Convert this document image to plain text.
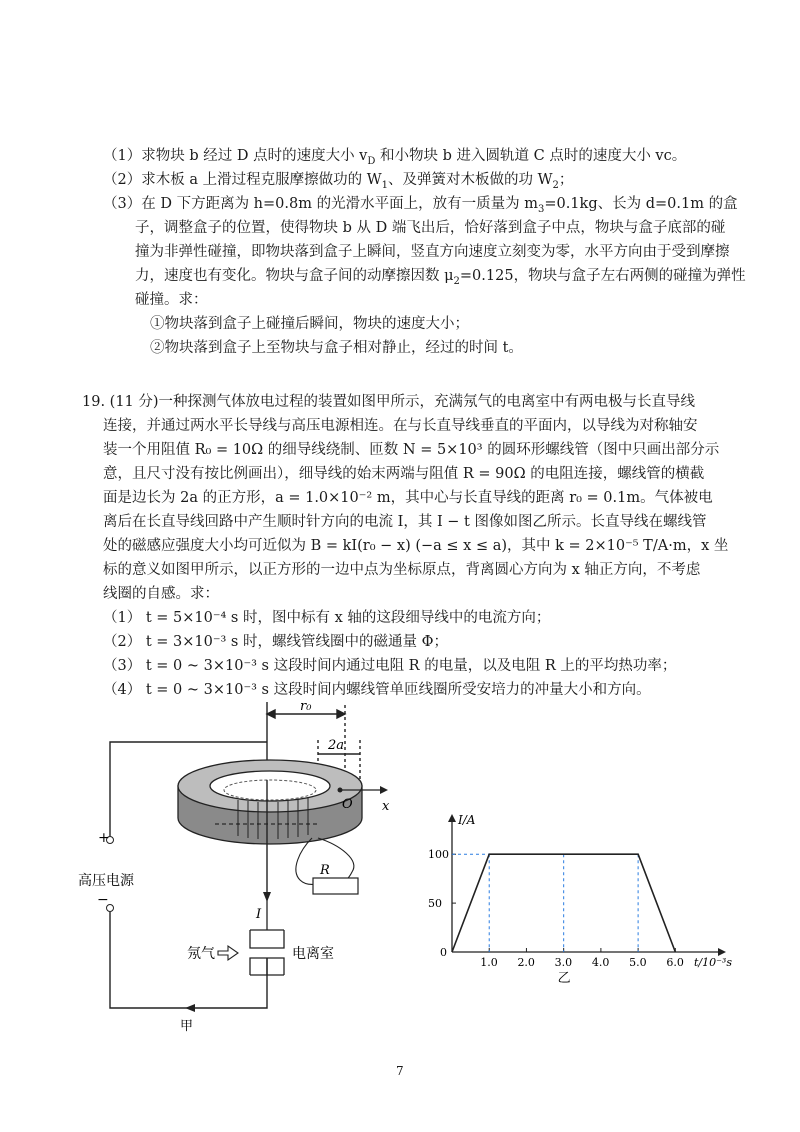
（1）求物块 b 经过 D 点时的速度大小 $v_D$ 和小物块 b 进入圆轨道 C 点时的速度大小 vc。
（2）求木板 a 上滑过程克服摩擦做功的 $W_1$、及弹簧对木板做的功 $W_2$；
（3）在 D 下方距离为 h=0.8m 的光滑水平面上，放有一质量为 $m_3=0.1kg$、长为 d=0.1m 的盒
子，调整盒子的位置，使得物块 b 从 D 端飞出后，恰好落到盒子中点，物块与盒子底部的碰
撞为非弹性碰撞，即物块落到盒子上瞬间，竖直方向速度立刻变为零，水平方向由于受到摩擦
力，速度也有变化。物块与盒子间的动摩擦因数 $\mu_2=0.125$，物块与盒子左右两侧的碰撞为弹性
碰撞。求：
①物块落到盒子上碰撞后瞬间，物块的速度大小；
②物块落到盒子上至物块与盒子相对静止，经过的时间 t。
19. (11 分)一种探测气体放电过程的装置如图甲所示，充满氖气的电离室中有两电极与长直导线
连接，并通过两水平长导线与高压电源相连。在与长直导线垂直的平面内，以导线为对称轴安
装一个用阻值 R₀ = 10Ω 的细导线绕制、匝数 N = 5×10³ 的圆环形螺线管（图中只画出部分示
意，且尺寸没有按比例画出），细导线的始末两端与阻值 R = 90Ω 的电阻连接，螺线管的横截
面是边长为 2a 的正方形，a = 1.0×10⁻² m，其中心与长直导线的距离 r₀ = 0.1m。气体被电
离后在长直导线回路中产生顺时针方向的电流 I，其 I − t 图像如图乙所示。长直导线在螺线管
处的磁感应强度大小均可近似为 B = kI(r₀ − x) (−a ≤ x ≤ a)，其中 k = 2×10⁻⁵ T/A·m，x 坐
标的意义如图甲所示，以正方形的一边中点为坐标原点，背离圆心方向为 x 轴正方向，不考虑
线圈的自感。求：
（1） t = 5×10⁻⁴ s 时，图中标有 x 轴的这段细导线中的电流方向；
（2） t = 3×10⁻³ s 时，螺线管线圈中的磁通量 Φ；
（3） t = 0 ~ 3×10⁻³ s 这段时间内通过电阻 R 的电量，以及电阻 R 上的平均热功率；
（4） t = 0 ~ 3×10⁻³ s 这段时间内螺线管单匝线圈所受安培力的冲量大小和方向。
r₀
2a
O x
+
−
高压电源
R
I
氖气	电离室
甲
I/A
t/10⁻³s
0
1.0 2.0 3.0 4.0 5.0 6.0
50
100
乙
7
